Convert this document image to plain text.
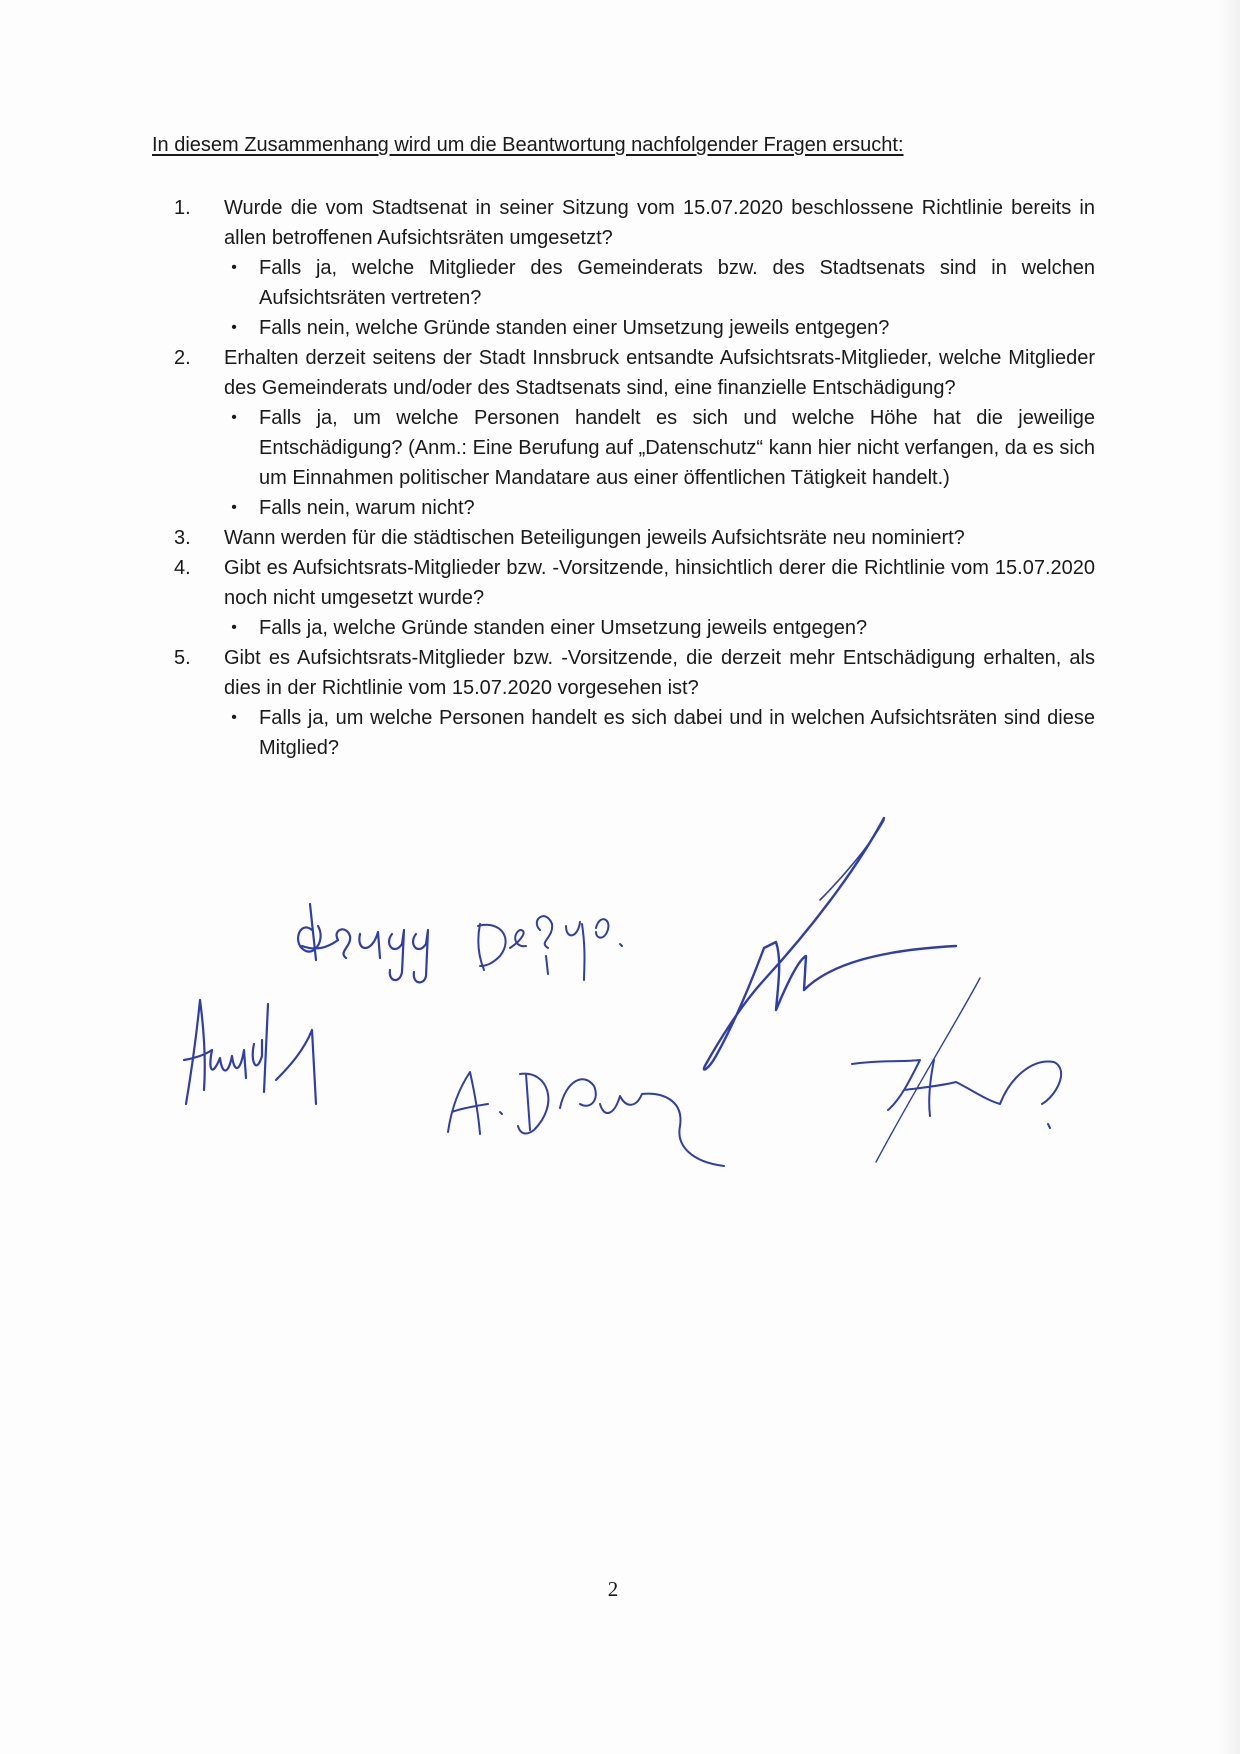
In diesem Zusammenhang wird um die Beantwortung nachfolgender Fragen ersucht:
1.	Wurde die vom Stadtsenat in seiner Sitzung vom 15.07.2020 beschlossene Richtlinie bereits in allen betroffenen Aufsichtsräten umgesetzt?
•	Falls ja, welche Mitglieder des Gemeinderats bzw. des Stadtsenats sind in welchen Aufsichtsräten vertreten?
•	Falls nein, welche Gründe standen einer Umsetzung jeweils entgegen?
2.	Erhalten derzeit seitens der Stadt Innsbruck entsandte Aufsichtsrats-Mitglieder, welche Mitglieder des Gemeinderats und/oder des Stadtsenats sind, eine finanzielle Entschädigung?
•	Falls ja, um welche Personen handelt es sich und welche Höhe hat die jeweilige Entschädigung? (Anm.: Eine Berufung auf „Datenschutz“ kann hier nicht verfangen, da es sich um Einnahmen politischer Mandatare aus einer öffentlichen Tätigkeit handelt.)
•	Falls nein, warum nicht?
3.	Wann werden für die städtischen Beteiligungen jeweils Aufsichtsräte neu nominiert?
4.	Gibt es Aufsichtsrats-Mitglieder bzw. -Vorsitzende, hinsichtlich derer die Richtlinie vom 15.07.2020 noch nicht umgesetzt wurde?
•	Falls ja, welche Gründe standen einer Umsetzung jeweils entgegen?
5.	Gibt es Aufsichtsrats-Mitglieder bzw. -Vorsitzende, die derzeit mehr Entschädigung erhalten, als dies in der Richtlinie vom 15.07.2020 vorgesehen ist?
•	Falls ja, um welche Personen handelt es sich dabei und in welchen Aufsichtsräten sind diese Mitglied?
2
